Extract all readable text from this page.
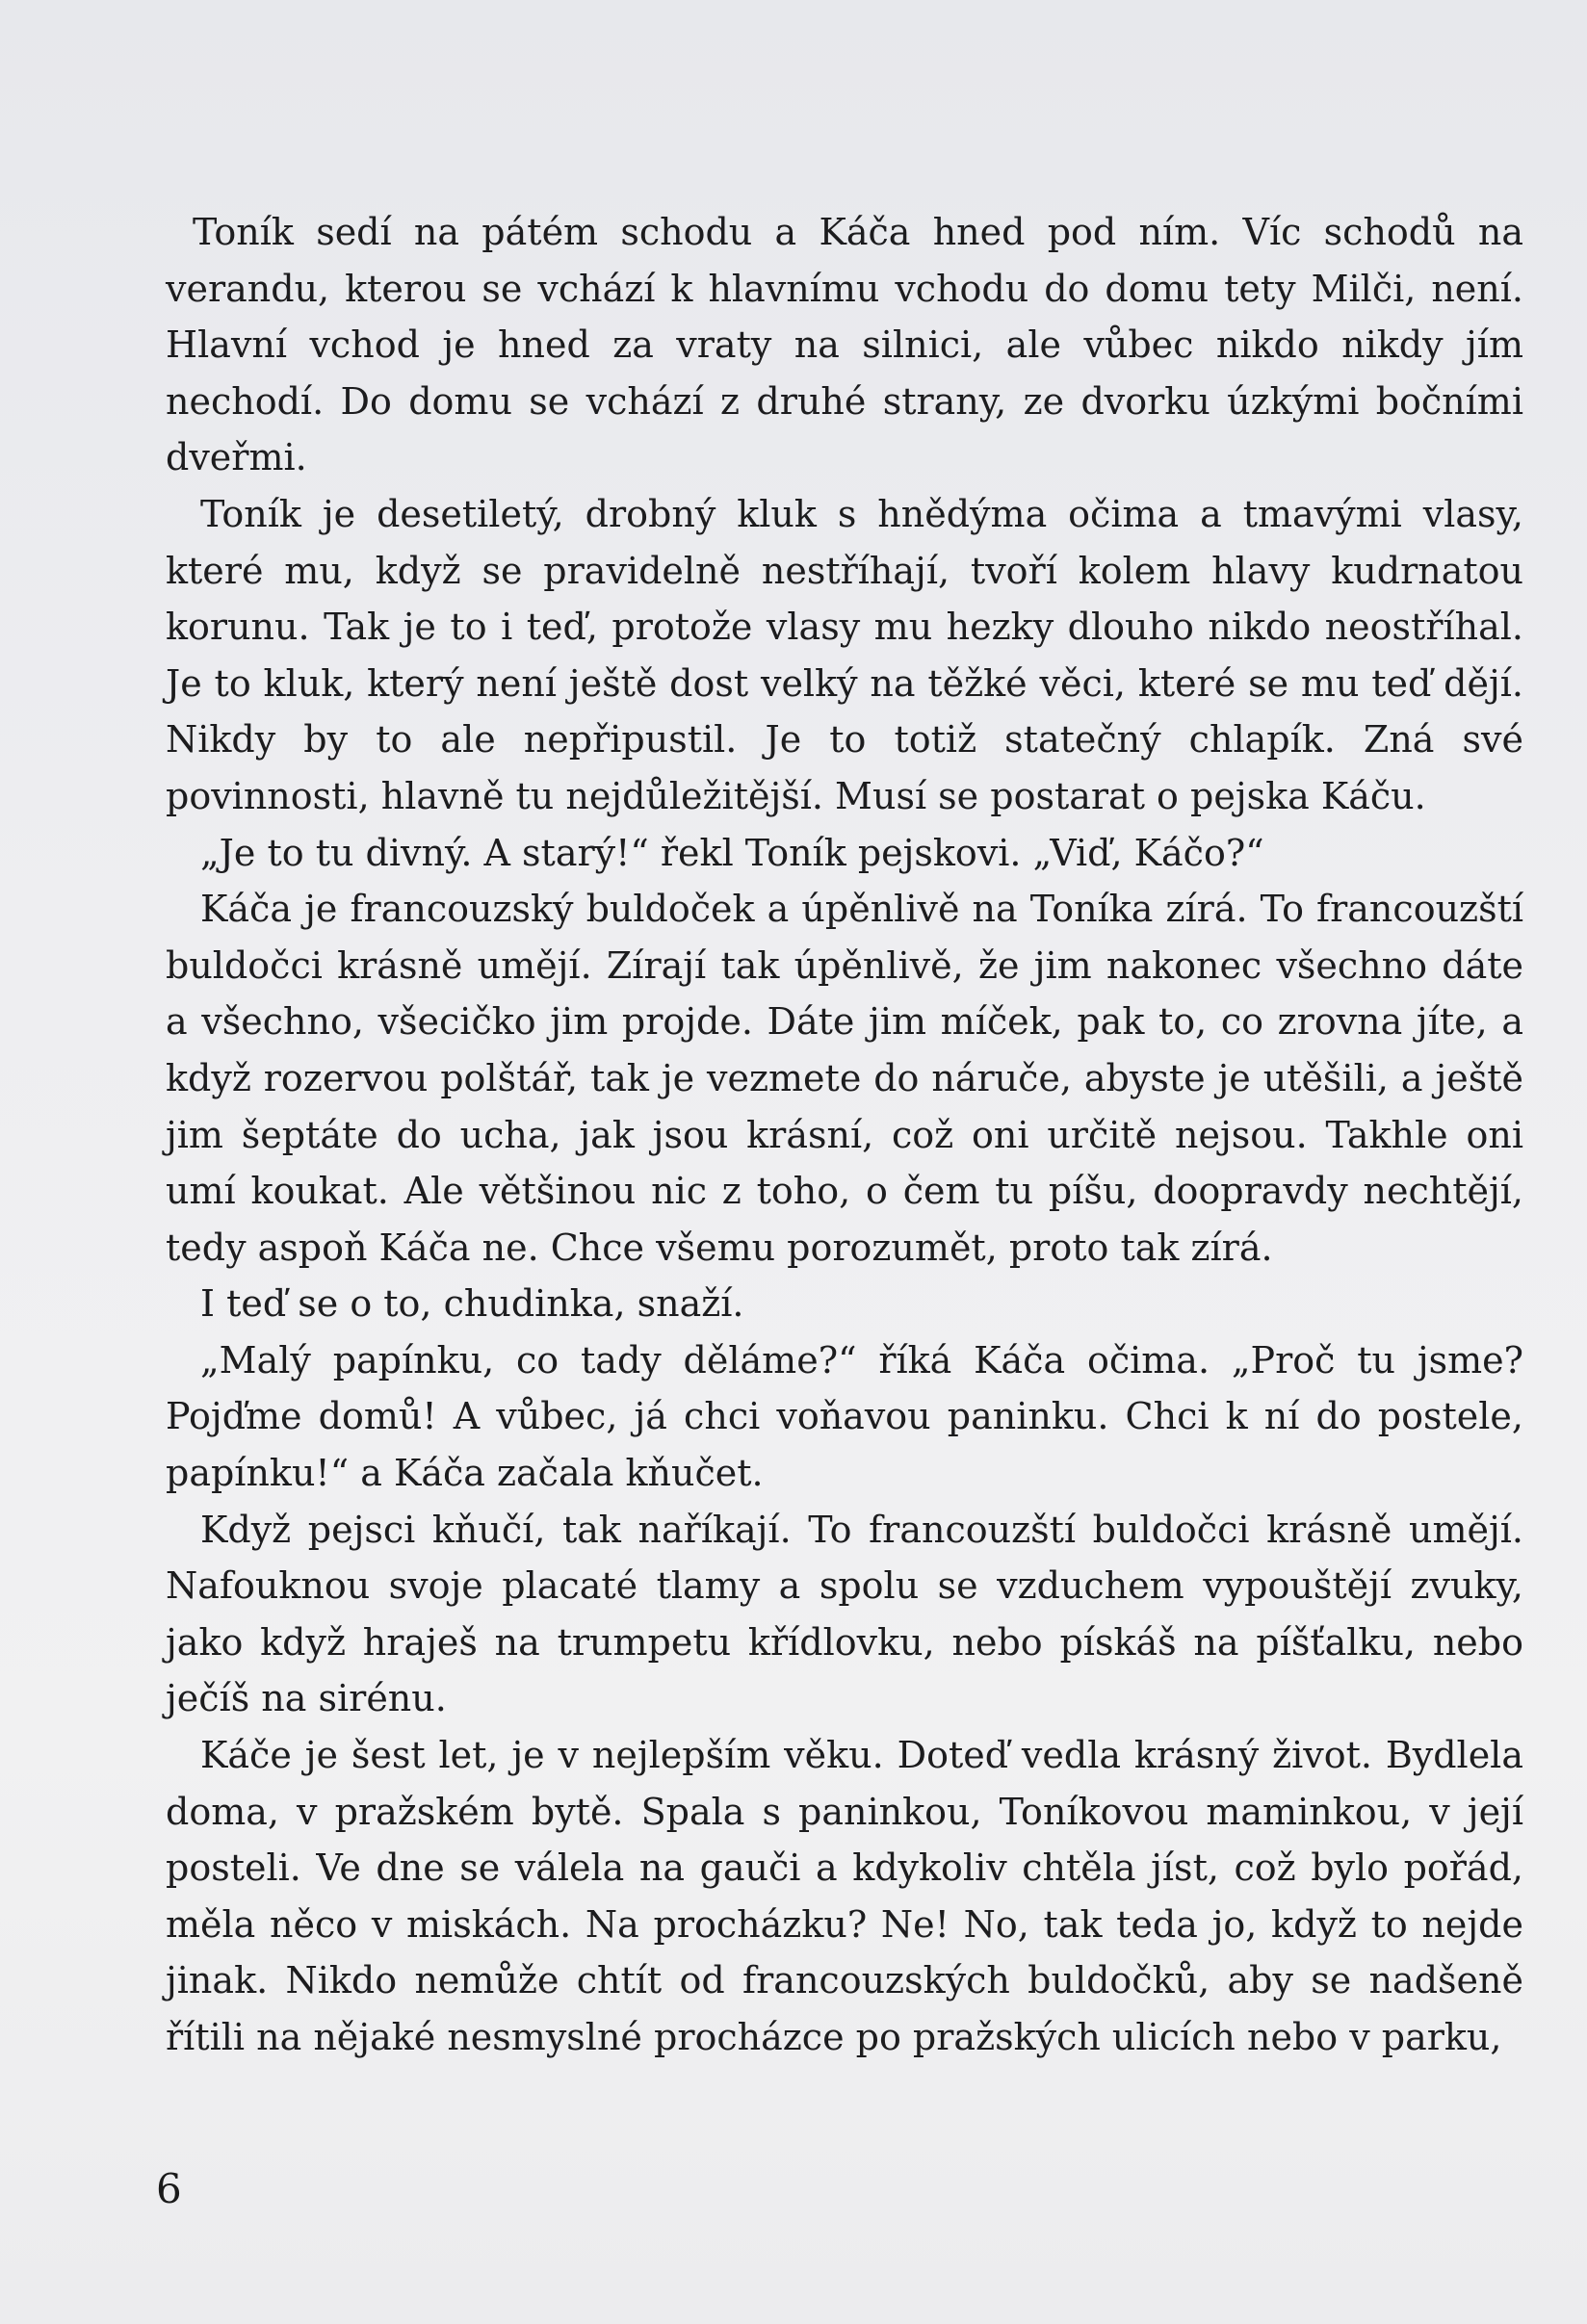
Toník sedí na pátém schodu a Káča hned pod ním. Víc schodů na verandu, kterou se vchází k hlavnímu vchodu do domu tety Milči, není. Hlavní vchod je hned za vraty na silnici, ale vůbec nikdo nikdy jím nechodí. Do domu se vchází z druhé strany, ze dvorku úzkými bočními dveřmi.

Toník je desetiletý, drobný kluk s hnědýma očima a tmavými vlasy, které mu, když se pravidelně nestříhají, tvoří kolem hlavy kudrnatou korunu. Tak je to i teď, protože vlasy mu hezky dlouho nikdo neostříhal. Je to kluk, který není ještě dost velký na těžké věci, které se mu teď dějí. Nikdy by to ale nepřipustil. Je to totiž statečný chlapík. Zná své povinnosti, hlavně tu nejdůležitější. Musí se postarat o pejska Káču.

„Je to tu divný. A starý!“ řekl Toník pejskovi. „Viď, Káčo?“

Káča je francouzský buldoček a úpěnlivě na Toníka zírá. To francouzští buldočci krásně umějí. Zírají tak úpěnlivě, že jim nakonec všechno dáte a všechno, všecičko jim projde. Dáte jim míček, pak to, co zrovna jíte, a když rozervou polštář, tak je vezmete do náruče, abyste je utěšili, a ještě jim šeptáte do ucha, jak jsou krásní, což oni určitě nejsou. Takhle oni umí koukat. Ale většinou nic z toho, o čem tu píšu, doopravdy nechtějí, tedy aspoň Káča ne. Chce všemu porozumět, proto tak zírá.

I teď se o to, chudinka, snaží.

„Malý papínku, co tady děláme?“ říká Káča očima. „Proč tu jsme? Pojďme domů! A vůbec, já chci voňavou paninku. Chci k ní do postele, papínku!“ a Káča začala kňučet.

Když pejsci kňučí, tak naříkají. To francouzští buldočci krásně umějí. Nafouknou svoje placaté tlamy a spolu se vzduchem vypouštějí zvuky, jako když hraješ na trumpetu křídlovku, nebo pískáš na píšťalku, nebo ječíš na sirénu.

Káče je šest let, je v nejlepším věku. Doteď vedla krásný život. Bydlela doma, v pražském bytě. Spala s paninkou, Toníkovou maminkou, v její posteli. Ve dne se válela na gauči a kdykoliv chtěla jíst, což bylo pořád, měla něco v miskách. Na procházku? Ne! No, tak teda jo, když to nejde jinak. Nikdo nemůže chtít od francouzských buldočků, aby se nadšeně řítili na nějaké nesmyslné procházce po pražských ulicích nebo v parku,

6
